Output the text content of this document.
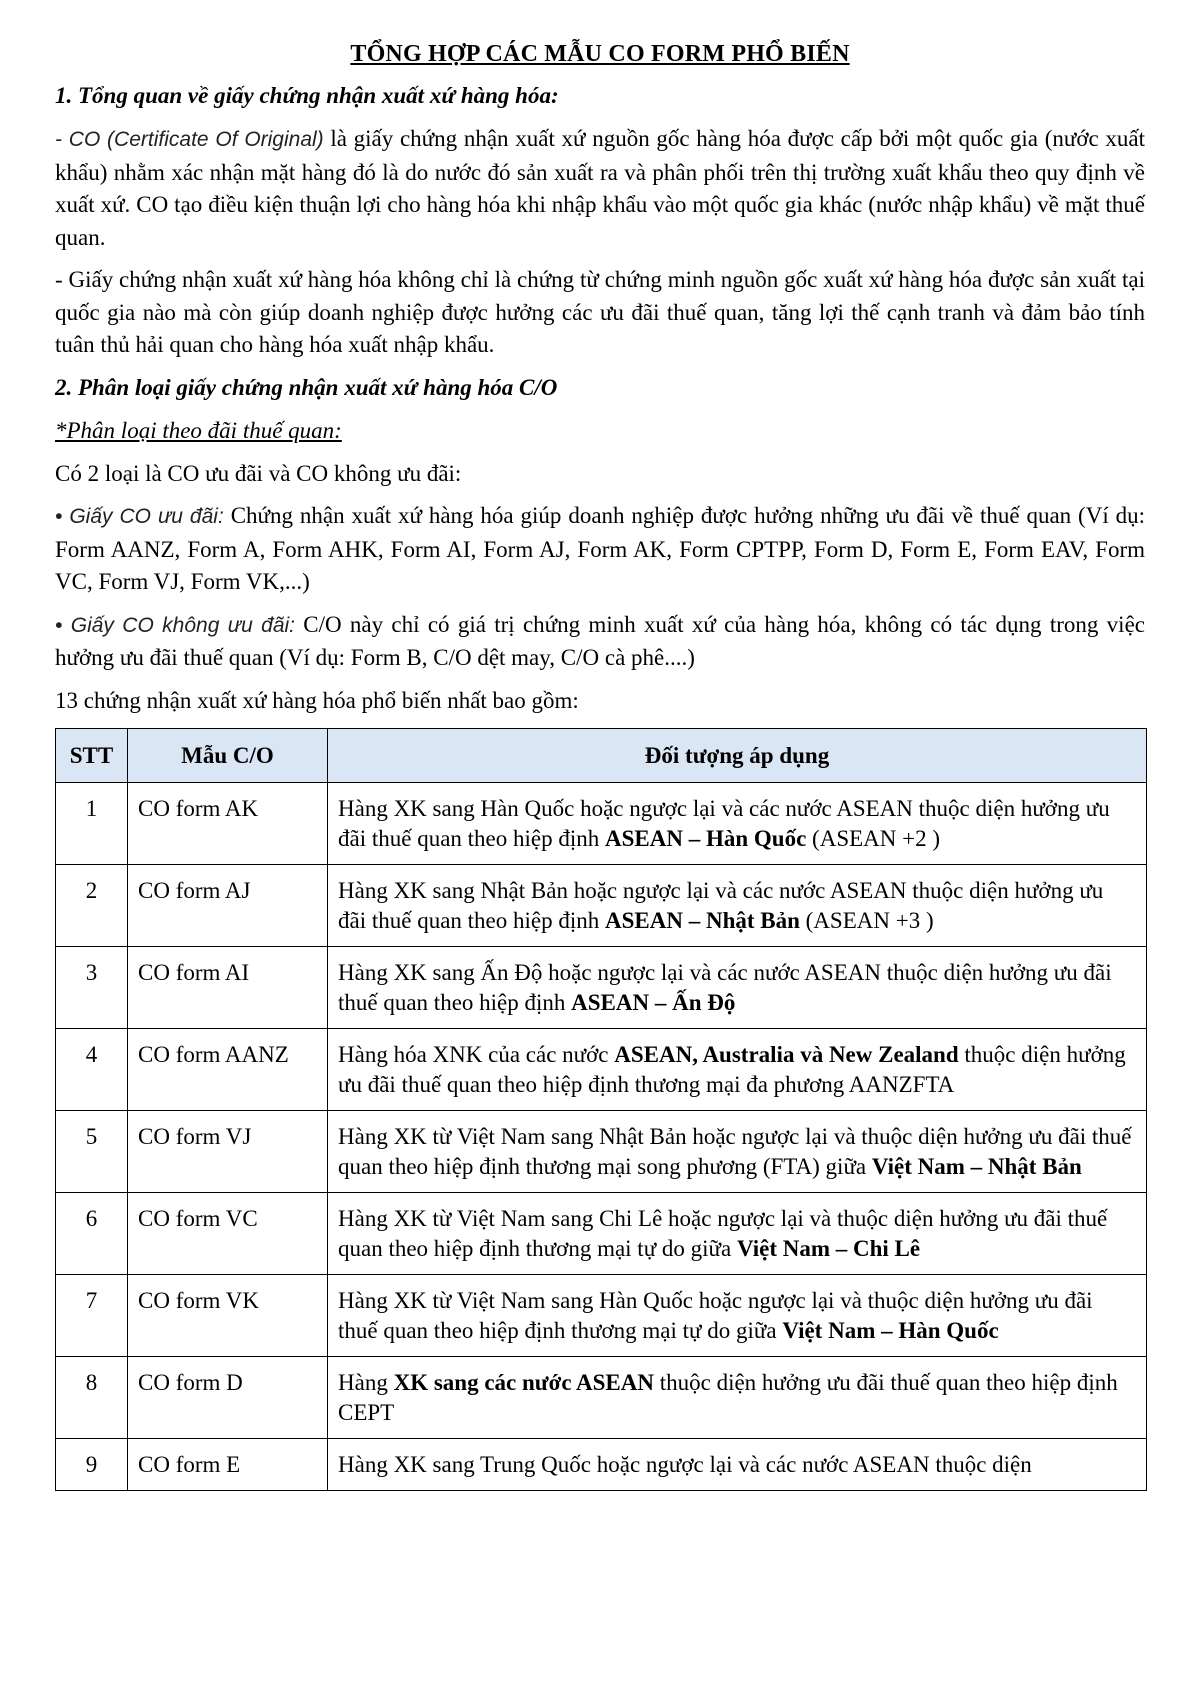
TỔNG HỢP CÁC MẪU CO FORM PHỔ BIẾN
1. Tổng quan về giấy chứng nhận xuất xứ hàng hóa:
- CO (Certificate Of Original) là giấy chứng nhận xuất xứ nguồn gốc hàng hóa được cấp bởi một quốc gia (nước xuất khẩu) nhằm xác nhận mặt hàng đó là do nước đó sản xuất ra và phân phối trên thị trường xuất khẩu theo quy định về xuất xứ. CO tạo điều kiện thuận lợi cho hàng hóa khi nhập khẩu vào một quốc gia khác (nước nhập khẩu) về mặt thuế quan.
- Giấy chứng nhận xuất xứ hàng hóa không chỉ là chứng từ chứng minh nguồn gốc xuất xứ hàng hóa được sản xuất tại quốc gia nào mà còn giúp doanh nghiệp được hưởng các ưu đãi thuế quan, tăng lợi thế cạnh tranh và đảm bảo tính tuân thủ hải quan cho hàng hóa xuất nhập khẩu.
2. Phân loại giấy chứng nhận xuất xứ hàng hóa C/O
*Phân loại theo đãi thuế quan:
Có 2 loại là CO ưu đãi và CO không ưu đãi:
• Giấy CO ưu đãi: Chứng nhận xuất xứ hàng hóa giúp doanh nghiệp được hưởng những ưu đãi về thuế quan (Ví dụ: Form AANZ, Form A, Form AHK, Form AI, Form AJ, Form AK, Form CPTPP, Form D, Form E, Form EAV, Form VC, Form VJ, Form VK,...)
• Giấy CO không ưu đãi: C/O này chỉ có giá trị chứng minh xuất xứ của hàng hóa, không có tác dụng trong việc hưởng ưu đãi thuế quan (Ví dụ: Form B, C/O dệt may, C/O cà phê....)
13 chứng nhận xuất xứ hàng hóa phổ biến nhất bao gồm:
STT	Mẫu C/O	Đối tượng áp dụng
1	CO form AK	Hàng XK sang Hàn Quốc hoặc ngược lại và các nước ASEAN thuộc diện hưởng ưu đãi thuế quan theo hiệp định ASEAN – Hàn Quốc (ASEAN +2 )
2	CO form AJ	Hàng XK sang Nhật Bản hoặc ngược lại và các nước ASEAN thuộc diện hưởng ưu đãi thuế quan theo hiệp định ASEAN – Nhật Bản (ASEAN +3 )
3	CO form AI	Hàng XK sang Ấn Độ hoặc ngược lại và các nước ASEAN thuộc diện hưởng ưu đãi thuế quan theo hiệp định ASEAN – Ấn Độ
4	CO form AANZ	Hàng hóa XNK của các nước ASEAN, Australia và New Zealand thuộc diện hưởng ưu đãi thuế quan theo hiệp định thương mại đa phương AANZFTA
5	CO form VJ	Hàng XK từ Việt Nam sang Nhật Bản hoặc ngược lại và thuộc diện hưởng ưu đãi thuế quan theo hiệp định thương mại song phương (FTA) giữa Việt Nam – Nhật Bản
6	CO form VC	Hàng XK từ Việt Nam sang Chi Lê hoặc ngược lại và thuộc diện hưởng ưu đãi thuế quan theo hiệp định thương mại tự do giữa Việt Nam – Chi Lê
7	CO form VK	Hàng XK từ Việt Nam sang Hàn Quốc hoặc ngược lại và thuộc diện hưởng ưu đãi thuế quan theo hiệp định thương mại tự do giữa Việt Nam – Hàn Quốc
8	CO form D	Hàng XK sang các nước ASEAN thuộc diện hưởng ưu đãi thuế quan theo hiệp định CEPT
9	CO form E	Hàng XK sang Trung Quốc hoặc ngược lại và các nước ASEAN thuộc diện
